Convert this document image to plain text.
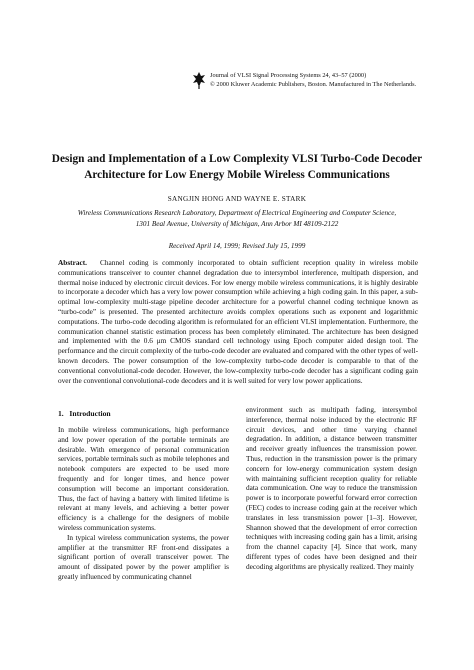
Journal of VLSI Signal Processing Systems 24, 43–57 (2000)
© 2000 Kluwer Academic Publishers, Boston. Manufactured in The Netherlands.
Design and Implementation of a Low Complexity VLSI Turbo-Code Decoder Architecture for Low Energy Mobile Wireless Communications
SANGJIN HONG AND WAYNE E. STARK
Wireless Communications Research Laboratory, Department of Electrical Engineering and Computer Science,
1301 Beal Avenue, University of Michigan, Ann Arbor MI 48109-2122
Received April 14, 1999; Revised July 15, 1999
Abstract. Channel coding is commonly incorporated to obtain sufficient reception quality in wireless mobile communications transceiver to counter channel degradation due to intersymbol interference, multipath dispersion, and thermal noise induced by electronic circuit devices. For low energy mobile wireless communications, it is highly desirable to incorporate a decoder which has a very low power consumption while achieving a high coding gain. In this paper, a sub-optimal low-complexity multi-stage pipeline decoder architecture for a powerful channel coding technique known as “turbo-code” is presented. The presented architecture avoids complex operations such as exponent and logarithmic computations. The turbo-code decoding algorithm is reformulated for an efficient VLSI implementation. Furthermore, the communication channel statistic estimation process has been completely eliminated. The architecture has been designed and implemented with the 0.6 μm CMOS standard cell technology using Epoch computer aided design tool. The performance and the circuit complexity of the turbo-code decoder are evaluated and compared with the other types of well-known decoders. The power consumption of the low-complexity turbo-code decoder is comparable to that of the conventional convolutional-code decoder. However, the low-complexity turbo-code decoder has a significant coding gain over the conventional convolutional-code decoders and it is well suited for very low power applications.
1.   Introduction

In mobile wireless communications, high performance and low power operation of the portable terminals are desirable. With emergence of personal communication services, portable terminals such as mobile telephones and notebook computers are expected to be used more frequently and for longer times, and hence power consumption will become an important consideration. Thus, the fact of having a battery with limited lifetime is relevant at many levels, and achieving a better power efficiency is a challenge for the designers of mobile wireless communication systems.

In typical wireless communication systems, the power amplifier at the transmitter RF front-end dissipates a significant portion of overall transceiver power. The amount of dissipated power by the power amplifier is greatly influenced by communicating channel

environment such as multipath fading, intersymbol interference, thermal noise induced by the electronic RF circuit devices, and other time varying channel degradation. In addition, a distance between transmitter and receiver greatly influences the transmission power. Thus, reduction in the transmission power is the primary concern for low-energy communication system design with maintaining sufficient reception quality for reliable data communication. One way to reduce the transmission power is to incorporate powerful forward error correction (FEC) codes to increase coding gain at the receiver which translates in less transmission power [1–3]. However, Shannon showed that the development of error correction techniques with increasing coding gain has a limit, arising from the channel capacity [4]. Since that work, many different types of codes have been designed and their decoding algorithms are physically realized. They mainly
